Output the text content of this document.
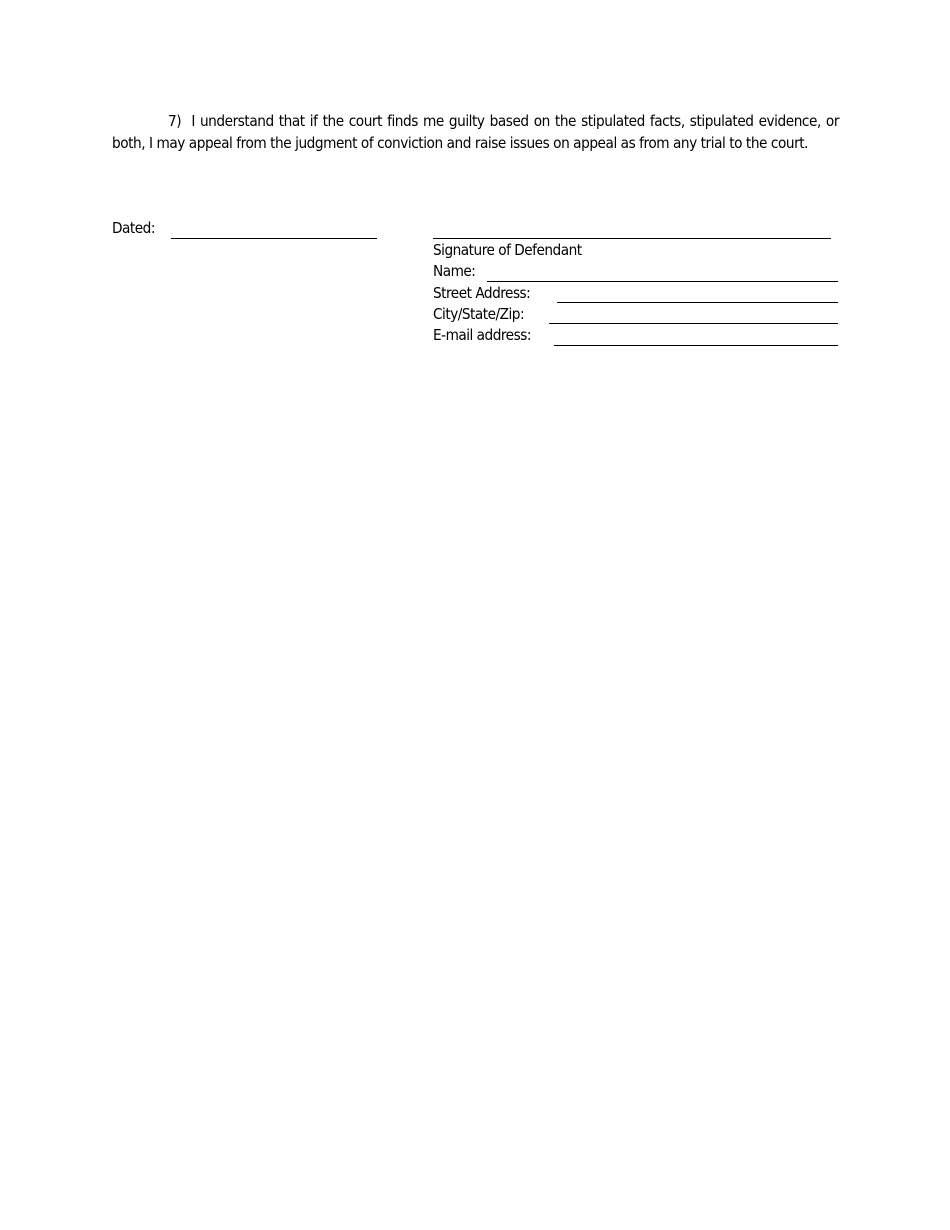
7) I understand that if the court finds me guilty based on the stipulated facts, stipulated evidence, or both, I may appeal from the judgment of conviction and raise issues on appeal as from any trial to the court.
Dated:
Signature of Defendant
Name:
Street Address:
City/State/Zip:
E-mail address:
